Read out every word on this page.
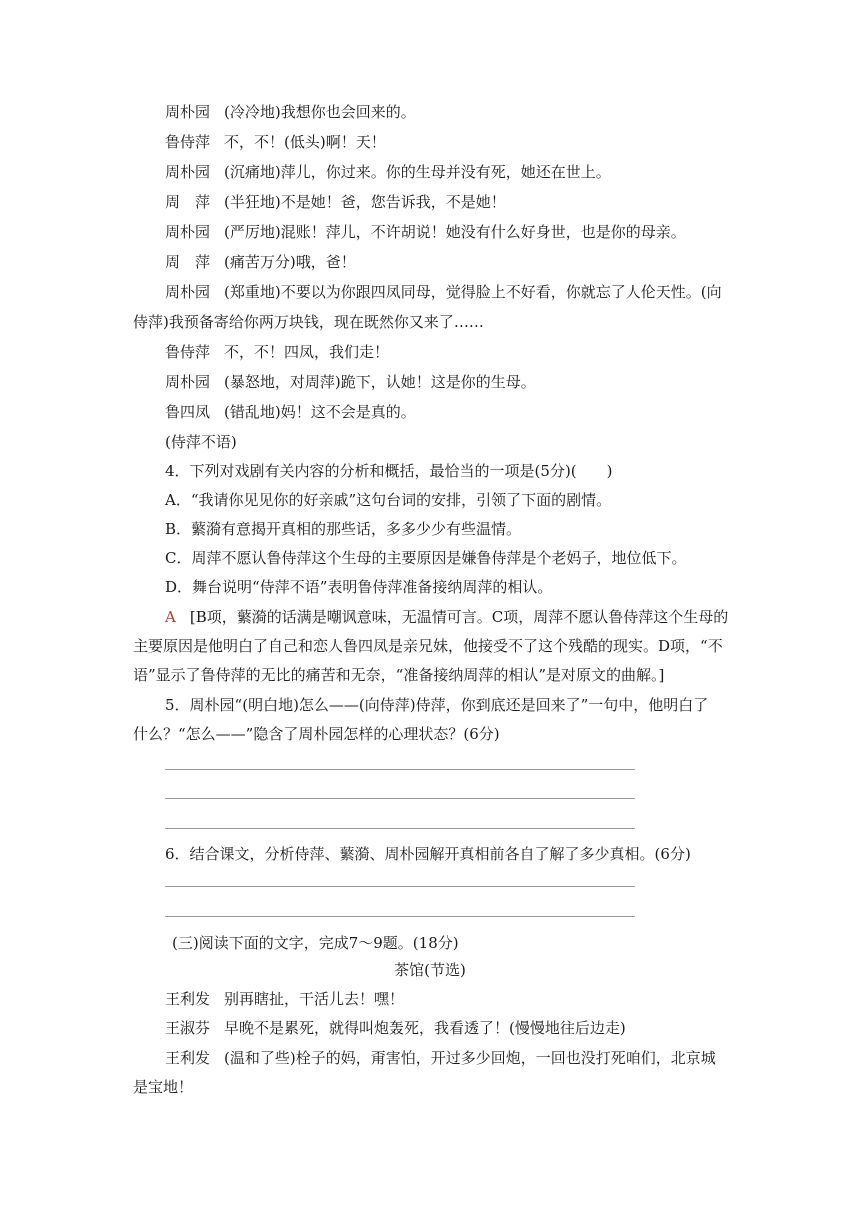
周朴园 (冷冷地)我想你也会回来的。
鲁侍萍 不，不！(低头)啊！天！
周朴园 (沉痛地)萍儿，你过来。你的生母并没有死，她还在世上。
周　萍 (半狂地)不是她！爸，您告诉我，不是她！
周朴园 (严厉地)混账！萍儿，不许胡说！她没有什么好身世，也是你的母亲。
周　萍 (痛苦万分)哦，爸！
周朴园 (郑重地)不要以为你跟四凤同母，觉得脸上不好看，你就忘了人伦天性。(向
侍萍)我预备寄给你两万块钱，现在既然你又来了……
鲁侍萍 不，不！四凤，我们走！
周朴园 (暴怒地，对周萍)跪下，认她！这是你的生母。
鲁四凤 (错乱地)妈！这不会是真的。
(侍萍不语)
4．下列对戏剧有关内容的分析和概括，最恰当的一项是(5分)(　　)
A．“我请你见见你的好亲戚”这句台词的安排，引领了下面的剧情。
B．蘩漪有意揭开真相的那些话，多多少少有些温情。
C．周萍不愿认鲁侍萍这个生母的主要原因是嫌鲁侍萍是个老妈子，地位低下。
D．舞台说明“侍萍不语”表明鲁侍萍准备接纳周萍的相认。
A [B项，蘩漪的话满是嘲讽意味，无温情可言。C项，周萍不愿认鲁侍萍这个生母的
主要原因是他明白了自己和恋人鲁四凤是亲兄妹，他接受不了这个残酷的现实。D项，“不
语”显示了鲁侍萍的无比的痛苦和无奈，“准备接纳周萍的相认”是对原文的曲解。]
5．周朴园“(明白地)怎么——(向侍萍)侍萍，你到底还是回来了”一句中，他明白了
什么？“怎么——”隐含了周朴园怎样的心理状态？(6分)
6．结合课文，分析侍萍、蘩漪、周朴园解开真相前各自了解了多少真相。(6分)
(三)阅读下面的文字，完成7～9题。(18分)
茶馆(节选)
王利发 别再瞎扯，干活儿去！嘿！
王淑芬 早晚不是累死，就得叫炮轰死，我看透了！(慢慢地往后边走)
王利发 (温和了些)栓子的妈，甭害怕，开过多少回炮，一回也没打死咱们，北京城
是宝地！
